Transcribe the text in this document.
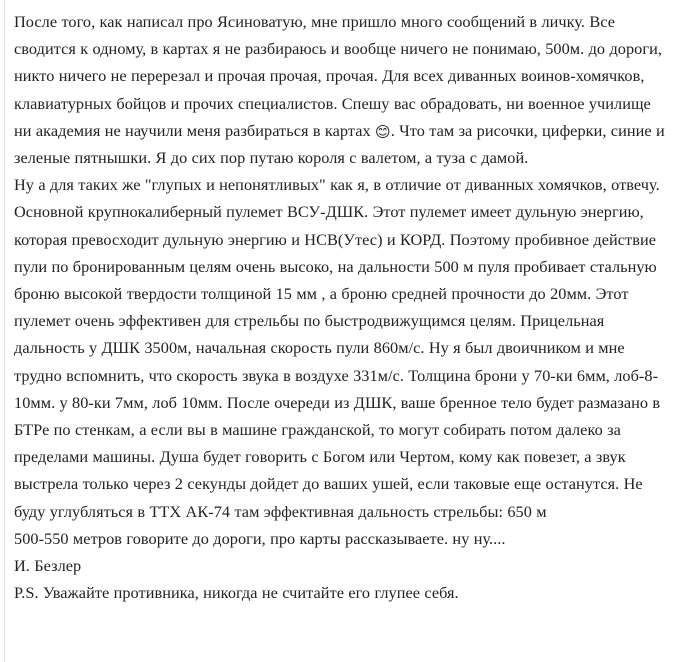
После того, как написал про Ясиноватую, мне пришло много сообщений в личку. Все сводится к одному, в картах я не разбираюсь и вообще ничего не понимаю, 500м. до дороги, никто ничего не перерезал и прочая прочая, прочая. Для всех диванных воинов-хомячков, клавиатурных бойцов и прочих специалистов. Спешу вас обрадовать, ни военное училище ни академия не научили меня разбираться в картах 😊. Что там за рисочки, циферки, синие и зеленые пятнышки. Я до сих пор путаю короля с валетом, а туза с дамой.

Ну а для таких же "глупых и непонятливых" как я, в отличие от диванных хомячков, отвечу.

Основной крупнокалиберный пулемет ВСУ-ДШК. Этот пулемет имеет дульную энергию, которая превосходит дульную энергию и НСВ(Утес) и КОРД. Поэтому пробивное действие пули по бронированным целям очень высоко, на дальности 500 м пуля пробивает стальную броню высокой твердости толщиной 15 мм , а броню средней прочности до 20мм. Этот пулемет очень эффективен для стрельбы по быстродвижущимся целям. Прицельная дальность у ДШК 3500м, начальная скорость пули 860м/с. Ну я был двоичником и мне трудно вспомнить, что скорость звука в воздухе 331м/с. Толщина брони у 70-ки 6мм, лоб-8-10мм. у 80-ки 7мм, лоб 10мм. После очереди из ДШК, ваше бренное тело будет размазано в БТРе по стенкам, а если вы в машине гражданской, то могут собирать потом далеко за пределами машины. Душа будет говорить с Богом или Чертом, кому как повезет, а звук выстрела только через 2 секунды дойдет до ваших ушей, если таковые еще останутся. Не буду углубляться в ТТХ АК-74 там эффективная дальность стрельбы: 650 м

500-550 метров говорите до дороги, про карты рассказываете. ну ну....

И. Безлер

P.S. Уважайте противника, никогда не считайте его глупее себя.
